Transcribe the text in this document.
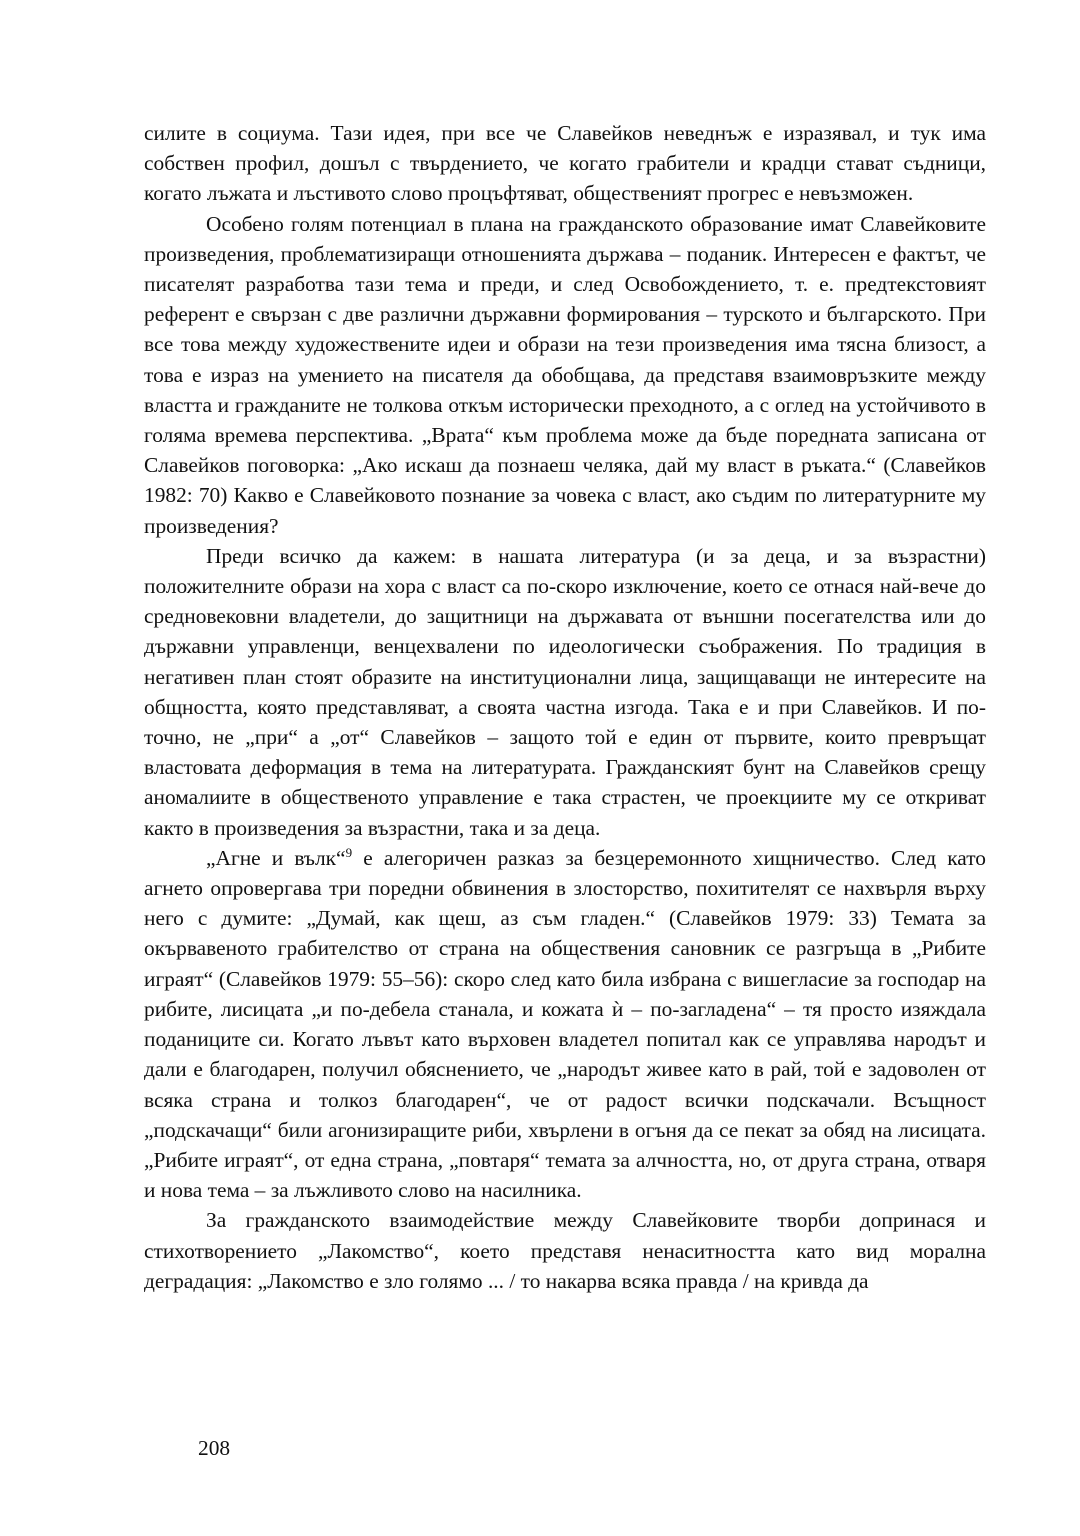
силите в социума. Тази идея, при все че Славейков неведнъж е изразявал, и тук има собствен профил, дошъл с твърдението, че когато грабители и крадци стават съдници, когато лъжата и лъстивото слово процъфтяват, общественият прогрес е невъзможен.

Особено голям потенциал в плана на гражданското образование имат Славейковите произведения, проблематизиращи отношенията държава – поданик. Интересен е фактът, че писателят разработва тази тема и преди, и след Освобождението, т. е. предтекстовият референт е свързан с две различни държавни формирования – турското и българското. При все това между художествените идеи и образи на тези произведения има тясна близост, а това е израз на умението на писателя да обобщава, да представя взаимовръзките между властта и гражданите не толкова откъм исторически преходното, а с оглед на устойчивото в голяма времева перспектива. „Врата“ към проблема може да бъде поредната записана от Славейков поговорка: „Ако искаш да познаеш челяка, дай му власт в ръката.“ (Славейков 1982: 70) Какво е Славейковото познание за човека с власт, ако съдим по литературните му произведения?

Преди всичко да кажем: в нашата литература (и за деца, и за възрастни) положителните образи на хора с власт са по-скоро изключение, което се отнася най-вече до средновековни владетели, до защитници на държавата от външни посегателства или до държавни управленци, венцехвалени по идеологически съображения. По традиция в негативен план стоят образите на институционални лица, защищаващи не интересите на общността, която представляват, а своята частна изгода. Така е и при Славейков. И по-точно, не „при“ а „от“ Славейков – защото той е един от първите, които превръщат властовата деформация в тема на литературата. Гражданският бунт на Славейков срещу аномалиите в общественото управление е така страстен, че проекциите му се откриват както в произведения за възрастни, така и за деца.

„Агне и вълк“$^9$ е алегоричен разказ за безцеремонното хищничество. След като агнето опровергава три поредни обвинения в злосторство, похитителят се нахвърля върху него с думите: „Думай, как щеш, аз съм гладен.“ (Славейков 1979: 33) Темата за окървавеното грабителство от страна на обществения сановник се разгръща в „Рибите играят“ (Славейков 1979: 55–56): скоро след като била избрана с вишегласие за господар на рибите, лисицата „и по-дебела станала, и кожата ѝ – по-загладена“ – тя просто изяждала поданиците си. Когато лъвът като върховен владетел попитал как се управлява народът и дали е благодарен, получил обяснението, че „народът живее като в рай, той е задоволен от всяка страна и толкоз благодарен“, че от радост всички подскачали. Всъщност „подскачащи“ били агонизиращите риби, хвърлени в огъня да се пекат за обяд на лисицата. „Рибите играят“, от една страна, „повтаря“ темата за алчността, но, от друга страна, отваря и нова тема – за лъжливото слово на насилника.

За гражданското взаимодействие между Славейковите творби допринася и стихотворението „Лакомство“, което представя ненаситността като вид морална деградация: „Лакомство е зло голямо ... / то накарва всяка правда / на кривда да

208
